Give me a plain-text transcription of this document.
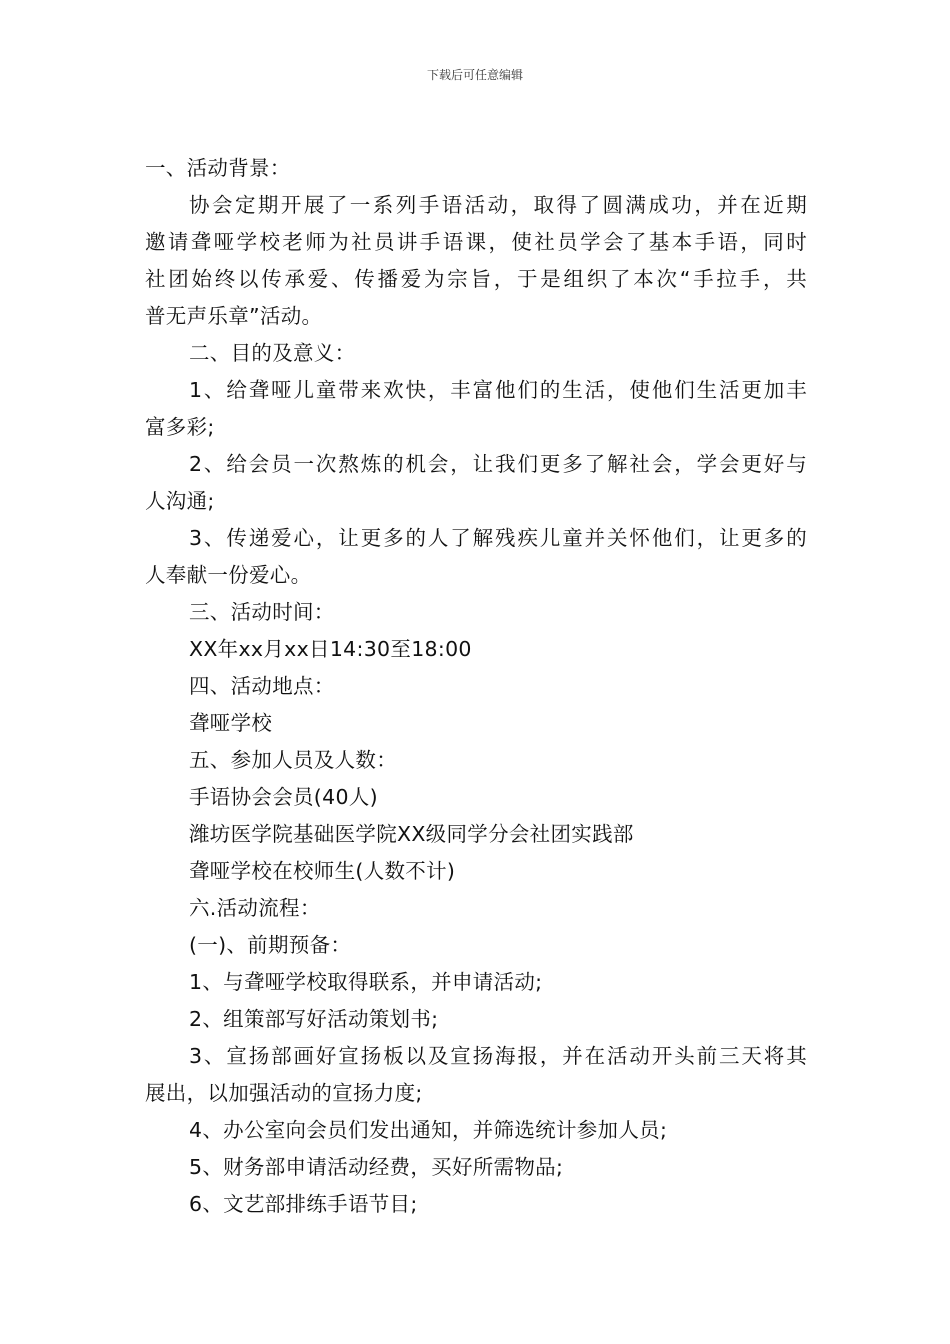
下载后可任意编辑
一、活动背景：
协会定期开展了一系列手语活动，取得了圆满成功，并在近期
邀请聋哑学校老师为社员讲手语课，使社员学会了基本手语，同时
社团始终以传承爱、传播爱为宗旨，于是组织了本次“手拉手，共
普无声乐章”活动。
二、目的及意义：
1、给聋哑儿童带来欢快，丰富他们的生活，使他们生活更加丰
富多彩;
2、给会员一次熬炼的机会，让我们更多了解社会，学会更好与
人沟通;
3、传递爱心，让更多的人了解残疾儿童并关怀他们，让更多的
人奉献一份爱心。
三、活动时间：
XX年xx月xx日14:30至18:00
四、活动地点：
聋哑学校
五、参加人员及人数：
手语协会会员(40人)
潍坊医学院基础医学院XX级同学分会社团实践部
聋哑学校在校师生(人数不计)
六.活动流程：
(一)、前期预备：
1、与聋哑学校取得联系，并申请活动;
2、组策部写好活动策划书;
3、宣扬部画好宣扬板以及宣扬海报，并在活动开头前三天将其
展出，以加强活动的宣扬力度;
4、办公室向会员们发出通知，并筛选统计参加人员;
5、财务部申请活动经费，买好所需物品;
6、文艺部排练手语节目;
